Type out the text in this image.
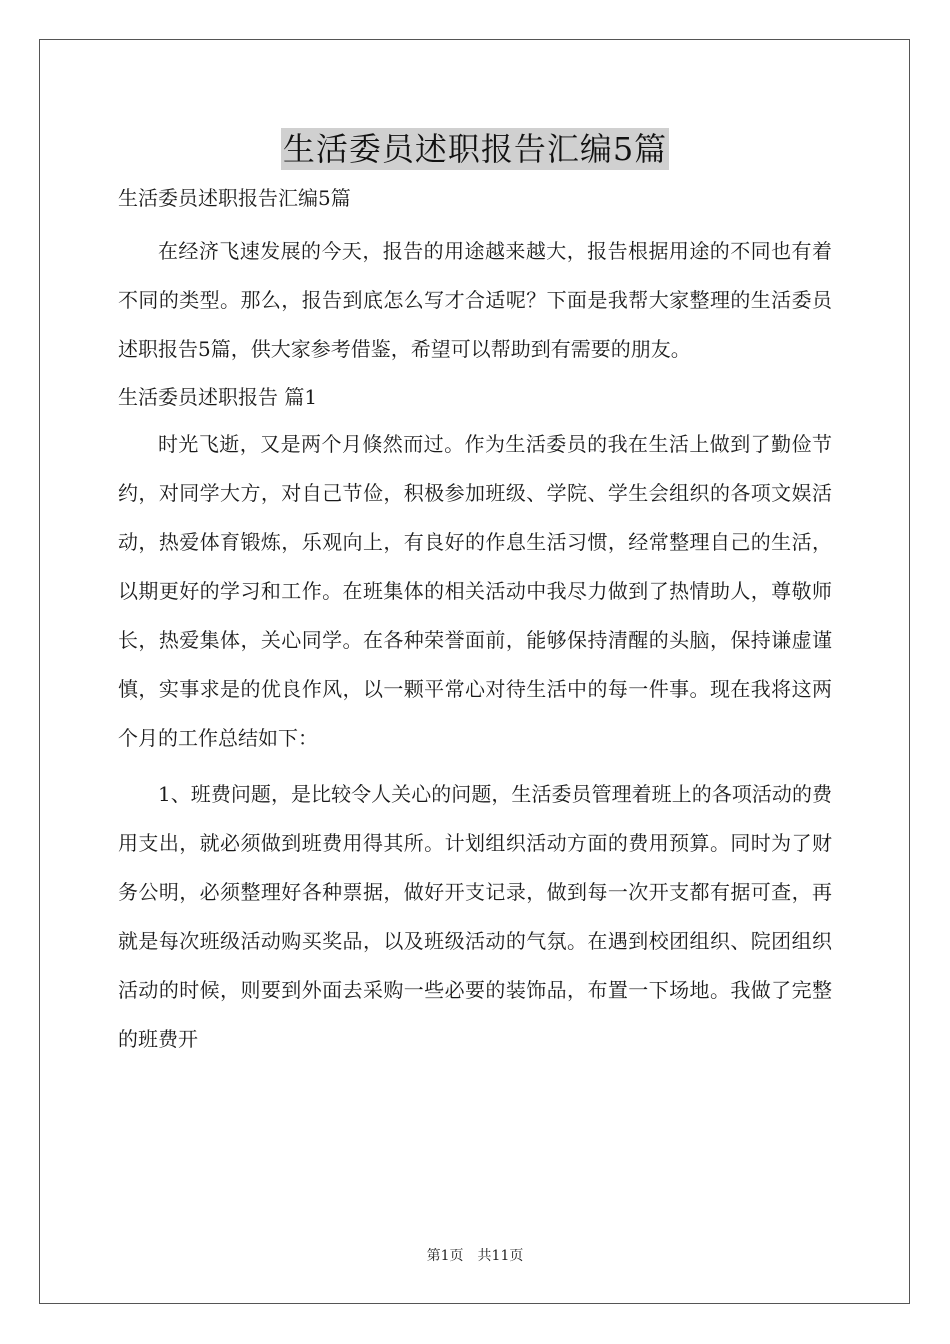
生活委员述职报告汇编5篇
生活委员述职报告汇编5篇

在经济飞速发展的今天，报告的用途越来越大，报告根据用途的不同也有着不同的类型。那么，报告到底怎么写才合适呢？下面是我帮大家整理的生活委员述职报告5篇，供大家参考借鉴，希望可以帮助到有需要的朋友。

生活委员述职报告 篇1

时光飞逝，又是两个月倏然而过。作为生活委员的我在生活上做到了勤俭节约，对同学大方，对自己节俭，积极参加班级、学院、学生会组织的各项文娱活动，热爱体育锻炼，乐观向上，有良好的作息生活习惯，经常整理自己的生活，以期更好的学习和工作。在班集体的相关活动中我尽力做到了热情助人，尊敬师长，热爱集体，关心同学。在各种荣誉面前，能够保持清醒的头脑，保持谦虚谨慎，实事求是的优良作风，以一颗平常心对待生活中的每一件事。现在我将这两个月的工作总结如下：

1、班费问题，是比较令人关心的问题，生活委员管理着班上的各项活动的费用支出，就必须做到班费用得其所。计划组织活动方面的费用预算。同时为了财务公明，必须整理好各种票据，做好开支记录，做到每一次开支都有据可查，再就是每次班级活动购买奖品，以及班级活动的气氛。在遇到校团组织、院团组织活动的时候，则要到外面去采购一些必要的装饰品，布置一下场地。我做了完整的班费开

第1页　共11页
